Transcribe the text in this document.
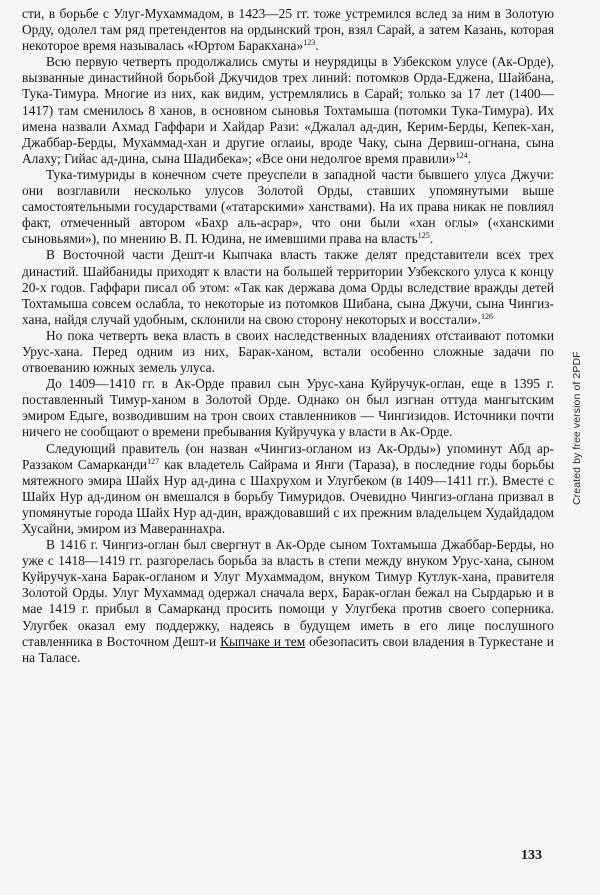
сти, в борьбе с Улуг-Мухаммадом, в 1423—25 гг. тоже устремился вслед за ним в Золотую Орду, одолел там ряд претендентов на ордынский трон, взял Сарай, а затем Казань, которая некоторое время называлась «Юртом Баракхана»$^{123}$.

Всю первую четверть продолжались смуты и неурядицы в Узбекском улусе (Ак-Орде), вызванные династийной борьбой Джучидов трех линий: потомков Орда-Еджена, Шайбана, Тука-Тимура. Многие из них, как видим, устремлялись в Сарай; только за 17 лет (1400—1417) там сменилось 8 ханов, в основном сыновья Тохтамыша (потомки Тука-Тимура). Их имена назвали Ахмад Гаффари и Хайдар Рази: «Джалал ад-дин, Керим-Берды, Кепек-хан, Джаббар-Берды, Мухаммад-хан и другие оглаиы, вроде Чаку, сына Дервиш-огнана, сына Алаху; Гийас ад-дина, сына Шадибека»; «Все они недолгое время правили»$^{124}$.

Тука-тимуриды в конечном счете преуспели в западной части бывшего улуса Джучи: они возглавили несколько улусов Золотой Орды, ставших упомянутыми выше самостоятельными государствами («татарскими» ханствами). На их права никак не повлиял факт, отмеченный автором «Бахр аль-асрар», что они были «хан оглы» («ханскими сыновьями»), по мнению В. П. Юдина, не имевшими права на власть$^{125}$.

В Восточной части Дешт-и Кыпчака власть также делят представители всех трех династий. Шайбаниды приходят к власти на большей территории Узбекского улуса к концу 20-х годов. Гаффари писал об этом: «Так как держава дома Орды вследствие вражды детей Тохтамыша совсем ослабла, то некоторые из потомков Шибана, сына Джучи, сына Чингиз-хана, найдя случай удобным, склонили на свою сторону некоторых и восстали».$^{126}$

Но пока четверть века власть в своих наследственных владениях отстаивают потомки Урус-хана. Перед одним из них, Барак-ханом, встали особенно сложные задачи по отвоеванию южных земель улуса.

До 1409—1410 гг. в Ак-Орде правил сын Урус-хана Куйручук-оглан, еще в 1395 г. поставленный Тимур-ханом в Золотой Орде. Однако он был изгнан оттуда мангытским эмиром Едыге, возводившим на трон своих ставленников — Чингизидов. Источники почти ничего не сообщают о времени пребывания Куйручука у власти в Ак-Орде.

Следующий правитель (он назван «Чингиз-огланом из Ак-Орды») упоминут Абд ар-Раззаком Самарканди$^{127}$ как владетель Сайрама и Янги (Тараза), в последние годы борьбы мятежного эмира Шайх Нур ад-дина с Шахрухом и Улугбеком (в 1409—1411 гг.). Вместе с Шайх Нур ад-дином он вмешался в борьбу Тимуридов. Очевидно Чингиз-оглана призвал в упомянутые города Шайх Нур ад-дин, враждовавший с их прежним владельцем Худайдадом Хусайни, эмиром из Мавераннахра.

В 1416 г. Чингиз-оглан был свергнут в Ак-Орде сыном Тохтамыша Джаббар-Берды, но уже с 1418—1419 гг. разгорелась борьба за власть в степи между внуком Урус-хана, сыном Куйручук-хана Барак-огланом и Улуг Мухаммадом, внуком Тимур Кутлук-хана, правителя Золотой Орды. Улуг Мухаммад одержал сначала верх, Барак-оглан бежал на Сырдарью и в мае 1419 г. прибыл в Самарканд просить помощи у Улугбека против своего соперника. Улугбек оказал ему поддержку, надеясь в будущем иметь в его лице послушного ставленника в Восточном Дешт-и Кыпчаке и тем обезопасить свои владения в Туркестане и на Таласе.

Created by free version of 2PDF
133
